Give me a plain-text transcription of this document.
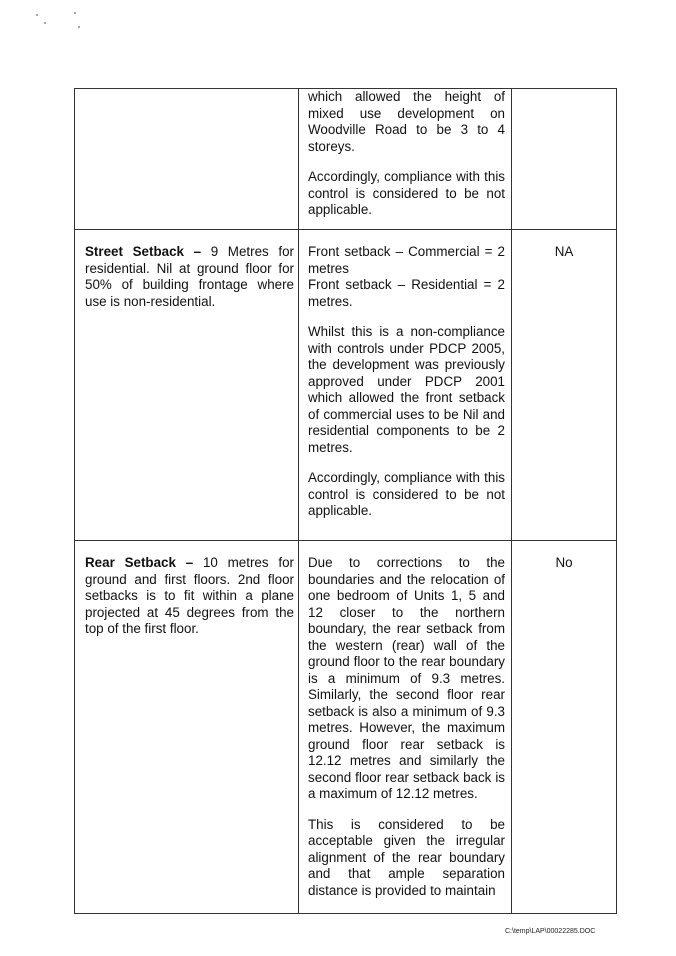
	which allowed the height of mixed use development on Woodville Road to be 3 to 4 storeys.

Accordingly, compliance with this control is considered to be not applicable.	

Street Setback – 9 Metres for residential. Nil at ground floor for 50% of building frontage where use is non-residential.	Front setback – Commercial = 2 metres
Front setback – Residential = 2 metres.

Whilst this is a non-compliance with controls under PDCP 2005, the development was previously approved under PDCP 2001 which allowed the front setback of commercial uses to be Nil and residential components to be 2 metres.

Accordingly, compliance with this control is considered to be not applicable.	NA
Rear Setback – 10 metres for ground and first floors. 2nd floor setbacks is to fit within a plane projected at 45 degrees from the top of the first floor.	Due to corrections to the boundaries and the relocation of one bedroom of Units 1, 5 and 12 closer to the northern boundary, the rear setback from the western (rear) wall of the ground floor to the rear boundary is a minimum of 9.3 metres. Similarly, the second floor rear setback is also a minimum of 9.3 metres. However, the maximum ground floor rear setback is 12.12 metres and similarly the second floor rear setback back is a maximum of 12.12 metres.

This is considered to be acceptable given the irregular alignment of the rear boundary and that ample separation distance is provided to maintain	No
C:\temp\LAP\00022285.DOC
